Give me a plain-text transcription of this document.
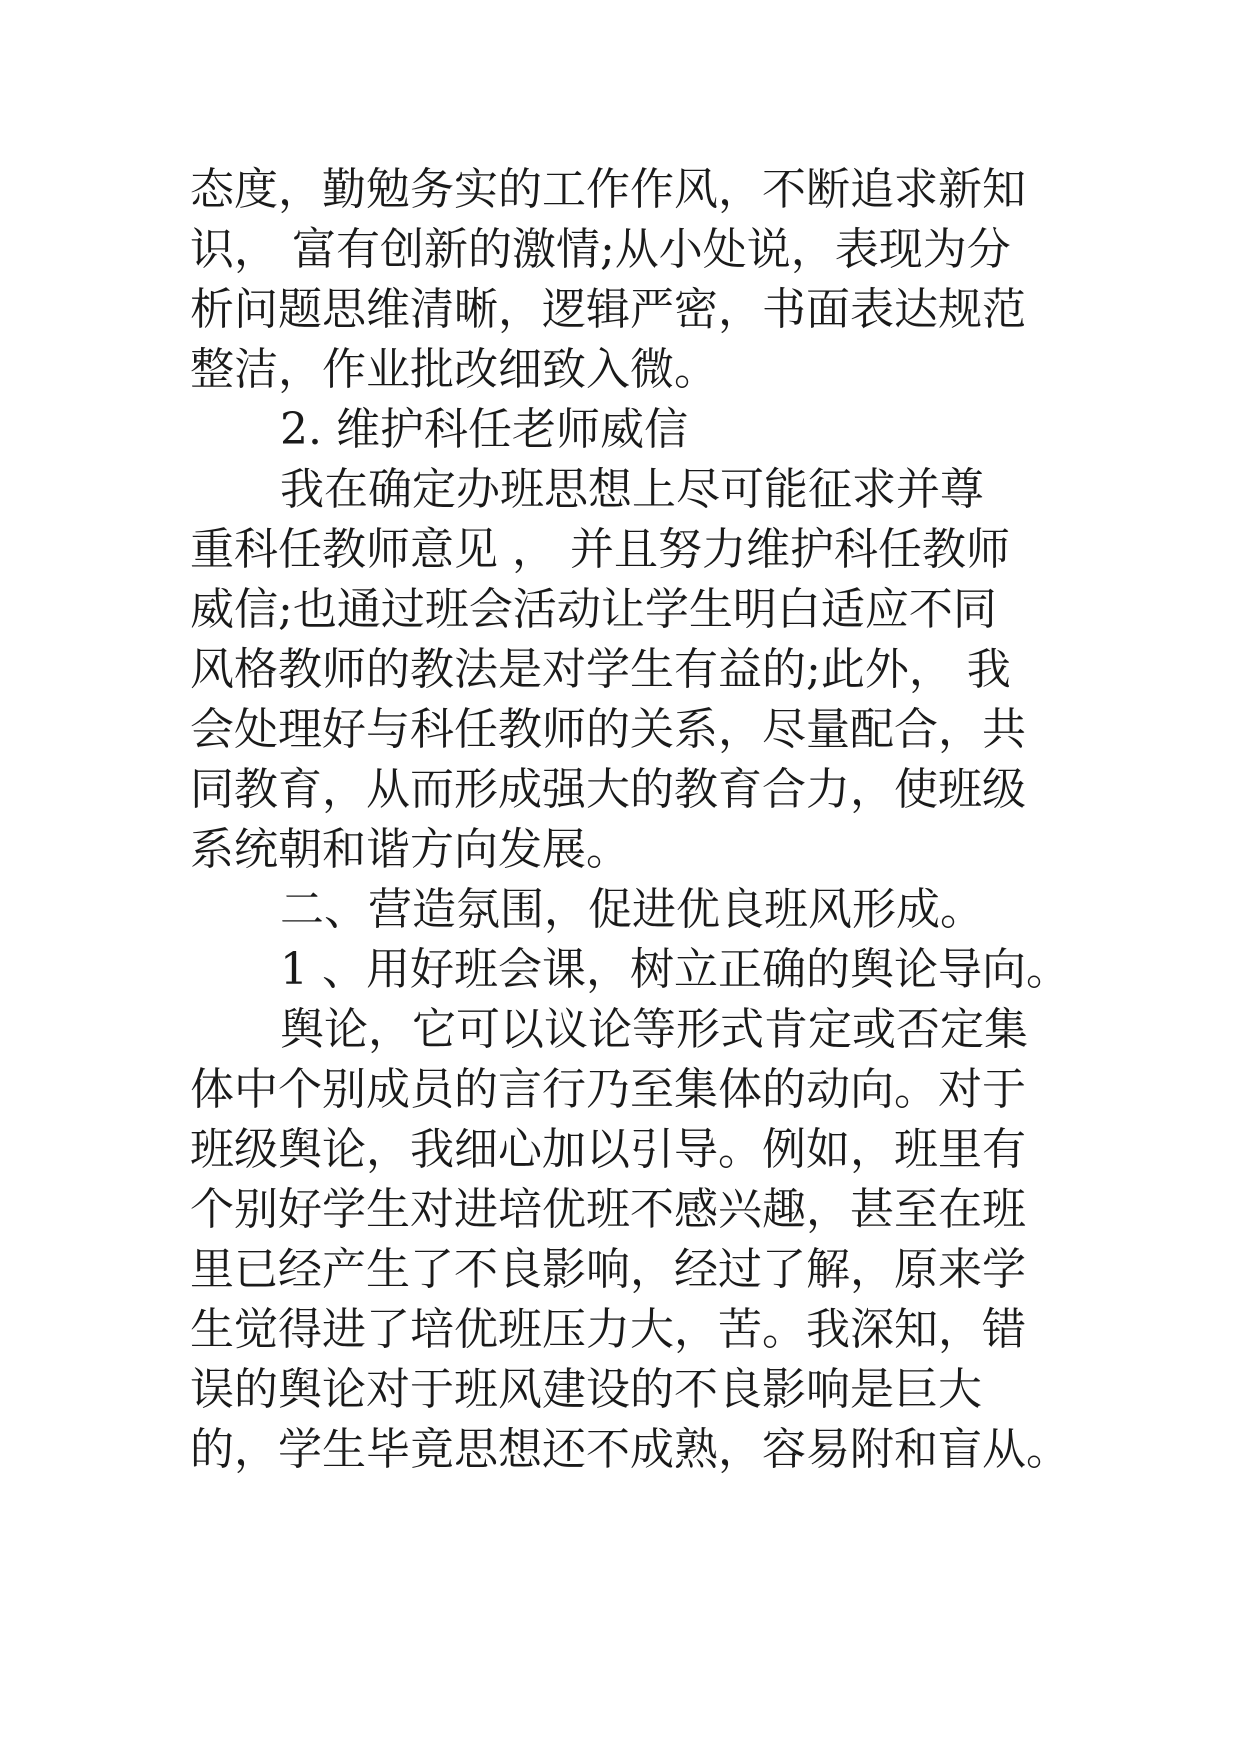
态度，勤勉务实的工作作风，不断追求新知
识， 富有创新的激情;从小处说，表现为分
析问题思维清晰，逻辑严密，书面表达规范
整洁，作业批改细致入微。
2. 维护科任老师威信
我在确定办班思想上尽可能征求并尊
重科任教师意见 ， 并且努力维护科任教师
威信;也通过班会活动让学生明白适应不同
风格教师的教法是对学生有益的;此外， 我
会处理好与科任教师的关系，尽量配合，共
同教育，从而形成强大的教育合力，使班级
系统朝和谐方向发展。
二、营造氛围，促进优良班风形成。
1 、用好班会课，树立正确的舆论导向。
舆论，它可以议论等形式肯定或否定集
体中个别成员的言行乃至集体的动向。对于
班级舆论，我细心加以引导。例如，班里有
个别好学生对进培优班不感兴趣，甚至在班
里已经产生了不良影响，经过了解，原来学
生觉得进了培优班压力大，苦。我深知，错
误的舆论对于班风建设的不良影响是巨大
的，学生毕竟思想还不成熟，容易附和盲从。
